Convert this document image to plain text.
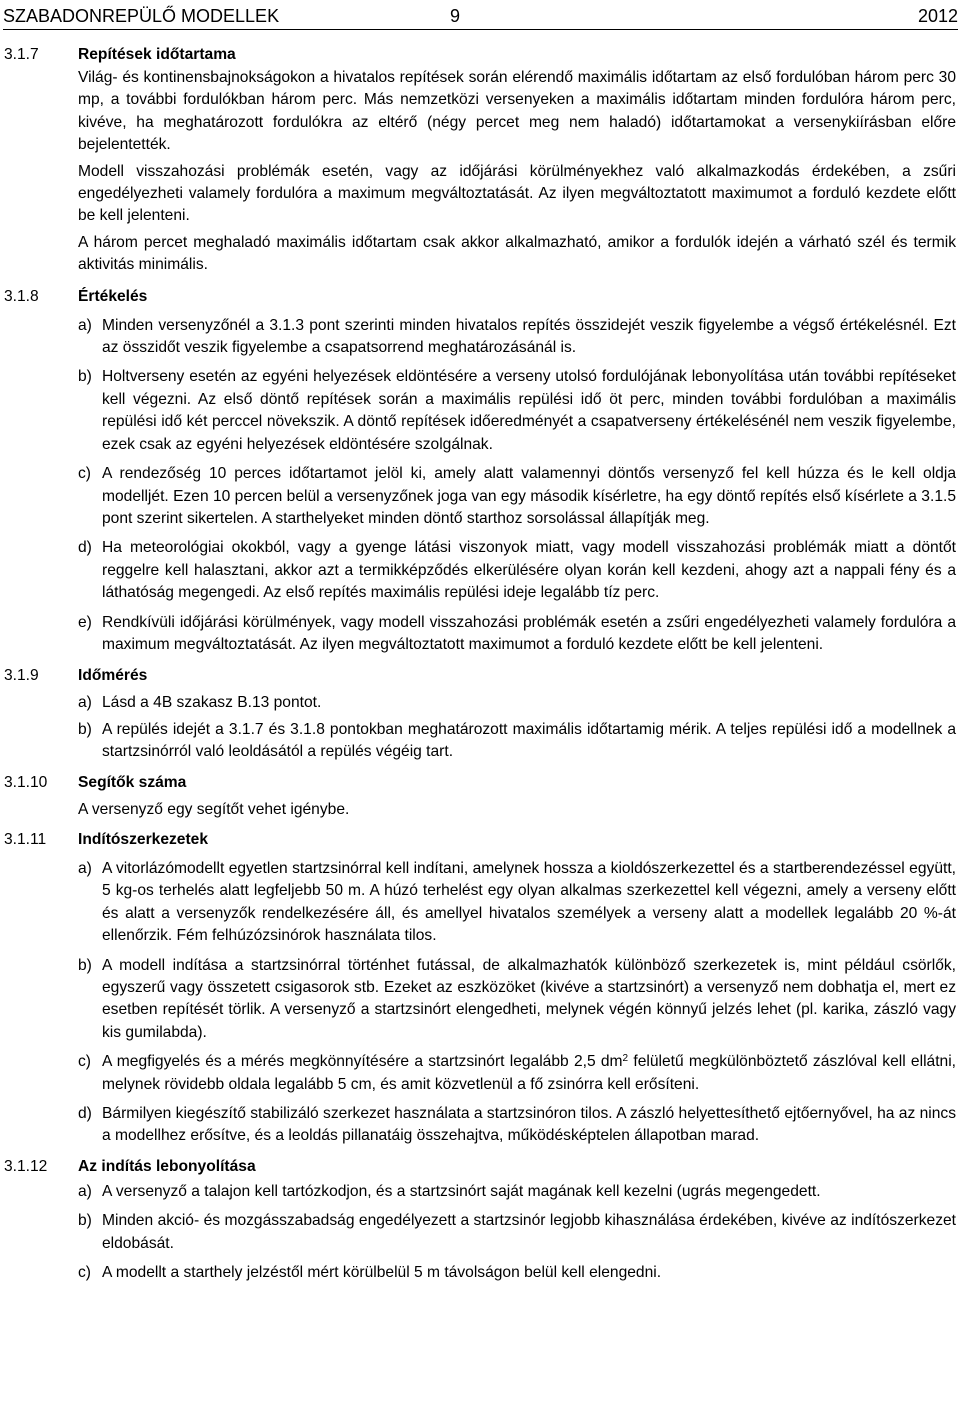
SZABADONREPÜLŐ MODELLEK	9	2012
3.1.7	Repítések időtartama

Világ- és kontinensbajnokságokon a hivatalos repítések során elérendő maximális időtartam az első fordulóban három perc 30 mp, a további fordulókban három perc. Más nemzetközi versenyeken a maximális időtartam minden fordulóra három perc, kivéve, ha meghatározott fordulókra az eltérő (négy percet meg nem haladó) időtartamokat a versenykiírásban előre bejelentették.

Modell visszahozási problémák esetén, vagy az időjárási körülményekhez való alkalmazkodás érdekében, a zsűri engedélyezheti valamely fordulóra a maximum megváltoztatását. Az ilyen megváltoztatott maximumot a forduló kezdete előtt be kell jelenteni.

A három percet meghaladó maximális időtartam csak akkor alkalmazható, amikor a fordulók idején a várható szél és termik aktivitás minimális.

3.1.8	Értékelés
a) Minden versenyzőnél a 3.1.3 pont szerinti minden hivatalos repítés összidejét veszik figyelembe a végső értékelésnél. Ezt az összidőt veszik figyelembe a csapatsorrend meghatározásánál is.
b) Holtverseny esetén az egyéni helyezések eldöntésére a verseny utolsó fordulójának lebonyolítása után további repítéseket kell végezni. Az első döntő repítések során a maximális repülési idő öt perc, minden további fordulóban a maximális repülési idő két perccel növekszik. A döntő repítések időeredményét a csapatverseny értékelésénél nem veszik figyelembe, ezek csak az egyéni helyezések eldöntésére szolgálnak.
c) A rendezőség 10 perces időtartamot jelöl ki, amely alatt valamennyi döntős versenyző fel kell húzza és le kell oldja modelljét. Ezen 10 percen belül a versenyzőnek joga van egy második kísérletre, ha egy döntő repítés első kísérlete a 3.1.5 pont szerint sikertelen. A starthelyeket minden döntő starthoz sorsolással állapítják meg.
d) Ha meteorológiai okokból, vagy a gyenge látási viszonyok miatt, vagy modell visszahozási problémák miatt a döntőt reggelre kell halasztani, akkor azt a termikképződés elkerülésére olyan korán kell kezdeni, ahogy azt a nappali fény és a láthatóság megengedi. Az első repítés maximális repülési ideje legalább tíz perc.
e) Rendkívüli időjárási körülmények, vagy modell visszahozási problémák esetén a zsűri engedélyezheti valamely fordulóra a maximum megváltoztatását. Az ilyen megváltoztatott maximumot a forduló kezdete előtt be kell jelenteni.
3.1.9	Időmérés
a) Lásd a 4B szakasz B.13 pontot.
b) A repülés idejét a 3.1.7 és 3.1.8 pontokban meghatározott maximális időtartamig mérik. A teljes repülési idő a modellnek a startzsinórról való leoldásától a repülés végéig tart.
3.1.10 Segítők száma

A versenyző egy segítőt vehet igénybe.

3.1.11 Indítószerkezetek
a) A vitorlázómodellt egyetlen startzsinórral kell indítani, amelynek hossza a kioldószerkezettel és a startberendezéssel együtt, 5 kg-os terhelés alatt legfeljebb 50 m. A húzó terhelést egy olyan alkalmas szerkezettel kell végezni, amely a verseny előtt és alatt a versenyzők rendelkezésére áll, és amellyel hivatalos személyek a verseny alatt a modellek legalább 20 %-át ellenőrzik. Fém felhúzózsinórok használata tilos.
b) A modell indítása a startzsinórral történhet futással, de alkalmazhatók különböző szerkezetek is, mint például csörlők, egyszerű vagy összetett csigasorok stb. Ezeket az eszközöket (kivéve a startzsinórt) a versenyző nem dobhatja el, mert ez esetben repítését törlik. A versenyző a startzsinórt elengedheti, melynek végén könnyű jelzés lehet (pl. karika, zászló vagy kis gumilabda).
c) A megfigyelés és a mérés megkönnyítésére a startzsinórt legalább 2,5 $dm^2$ felületű megkülönböztető zászlóval kell ellátni, melynek rövidebb oldala legalább 5 cm, és amit közvetlenül a fő zsinórra kell erősíteni.
d) Bármilyen kiegészítő stabilizáló szerkezet használata a startzsinóron tilos. A zászló helyettesíthető ejtőernyővel, ha az nincs a modellhez erősítve, és a leoldás pillanatáig összehajtva, működésképtelen állapotban marad.
3.1.12 Az indítás lebonyolítása
a) A versenyző a talajon kell tartózkodjon, és a startzsinórt saját magának kell kezelni (ugrás megengedett.
b) Minden akció- és mozgásszabadság engedélyezett a startzsinór legjobb kihasználása érdekében, kivéve az indítószerkezet eldobását.
c) A modellt a starthely jelzéstől mért körülbelül 5 m távolságon belül kell elengedni.
